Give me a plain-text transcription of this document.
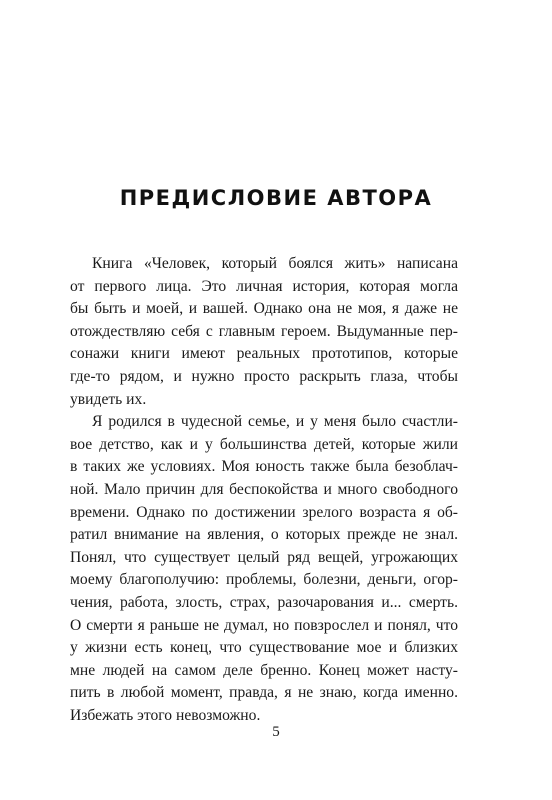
ПРЕДИСЛОВИЕ АВТОРА

Книга «Человек, который боялся жить» написана
от первого лица. Это личная история, которая могла
бы быть и моей, и вашей. Однако она не моя, я даже не
отождествляю себя с главным героем. Выдуманные пер-
сонажи книги имеют реальных прототипов, которые
где-то рядом, и нужно просто раскрыть глаза, чтобы
увидеть их.

Я родился в чудесной семье, и у меня было счастли-
вое детство, как и у большинства детей, которые жили
в таких же условиях. Моя юность также была безоблач-
ной. Мало причин для беспокойства и много свободного
времени. Однако по достижении зрелого возраста я об-
ратил внимание на явления, о которых прежде не знал.
Понял, что существует целый ряд вещей, угрожающих
моему благополучию: проблемы, болезни, деньги, огор-
чения, работа, злость, страх, разочарования и... смерть.
О смерти я раньше не думал, но повзрослел и понял, что
у жизни есть конец, что существование мое и близких
мне людей на самом деле бренно. Конец может насту-
пить в любой момент, правда, я не знаю, когда именно.
Избежать этого невозможно.

5
